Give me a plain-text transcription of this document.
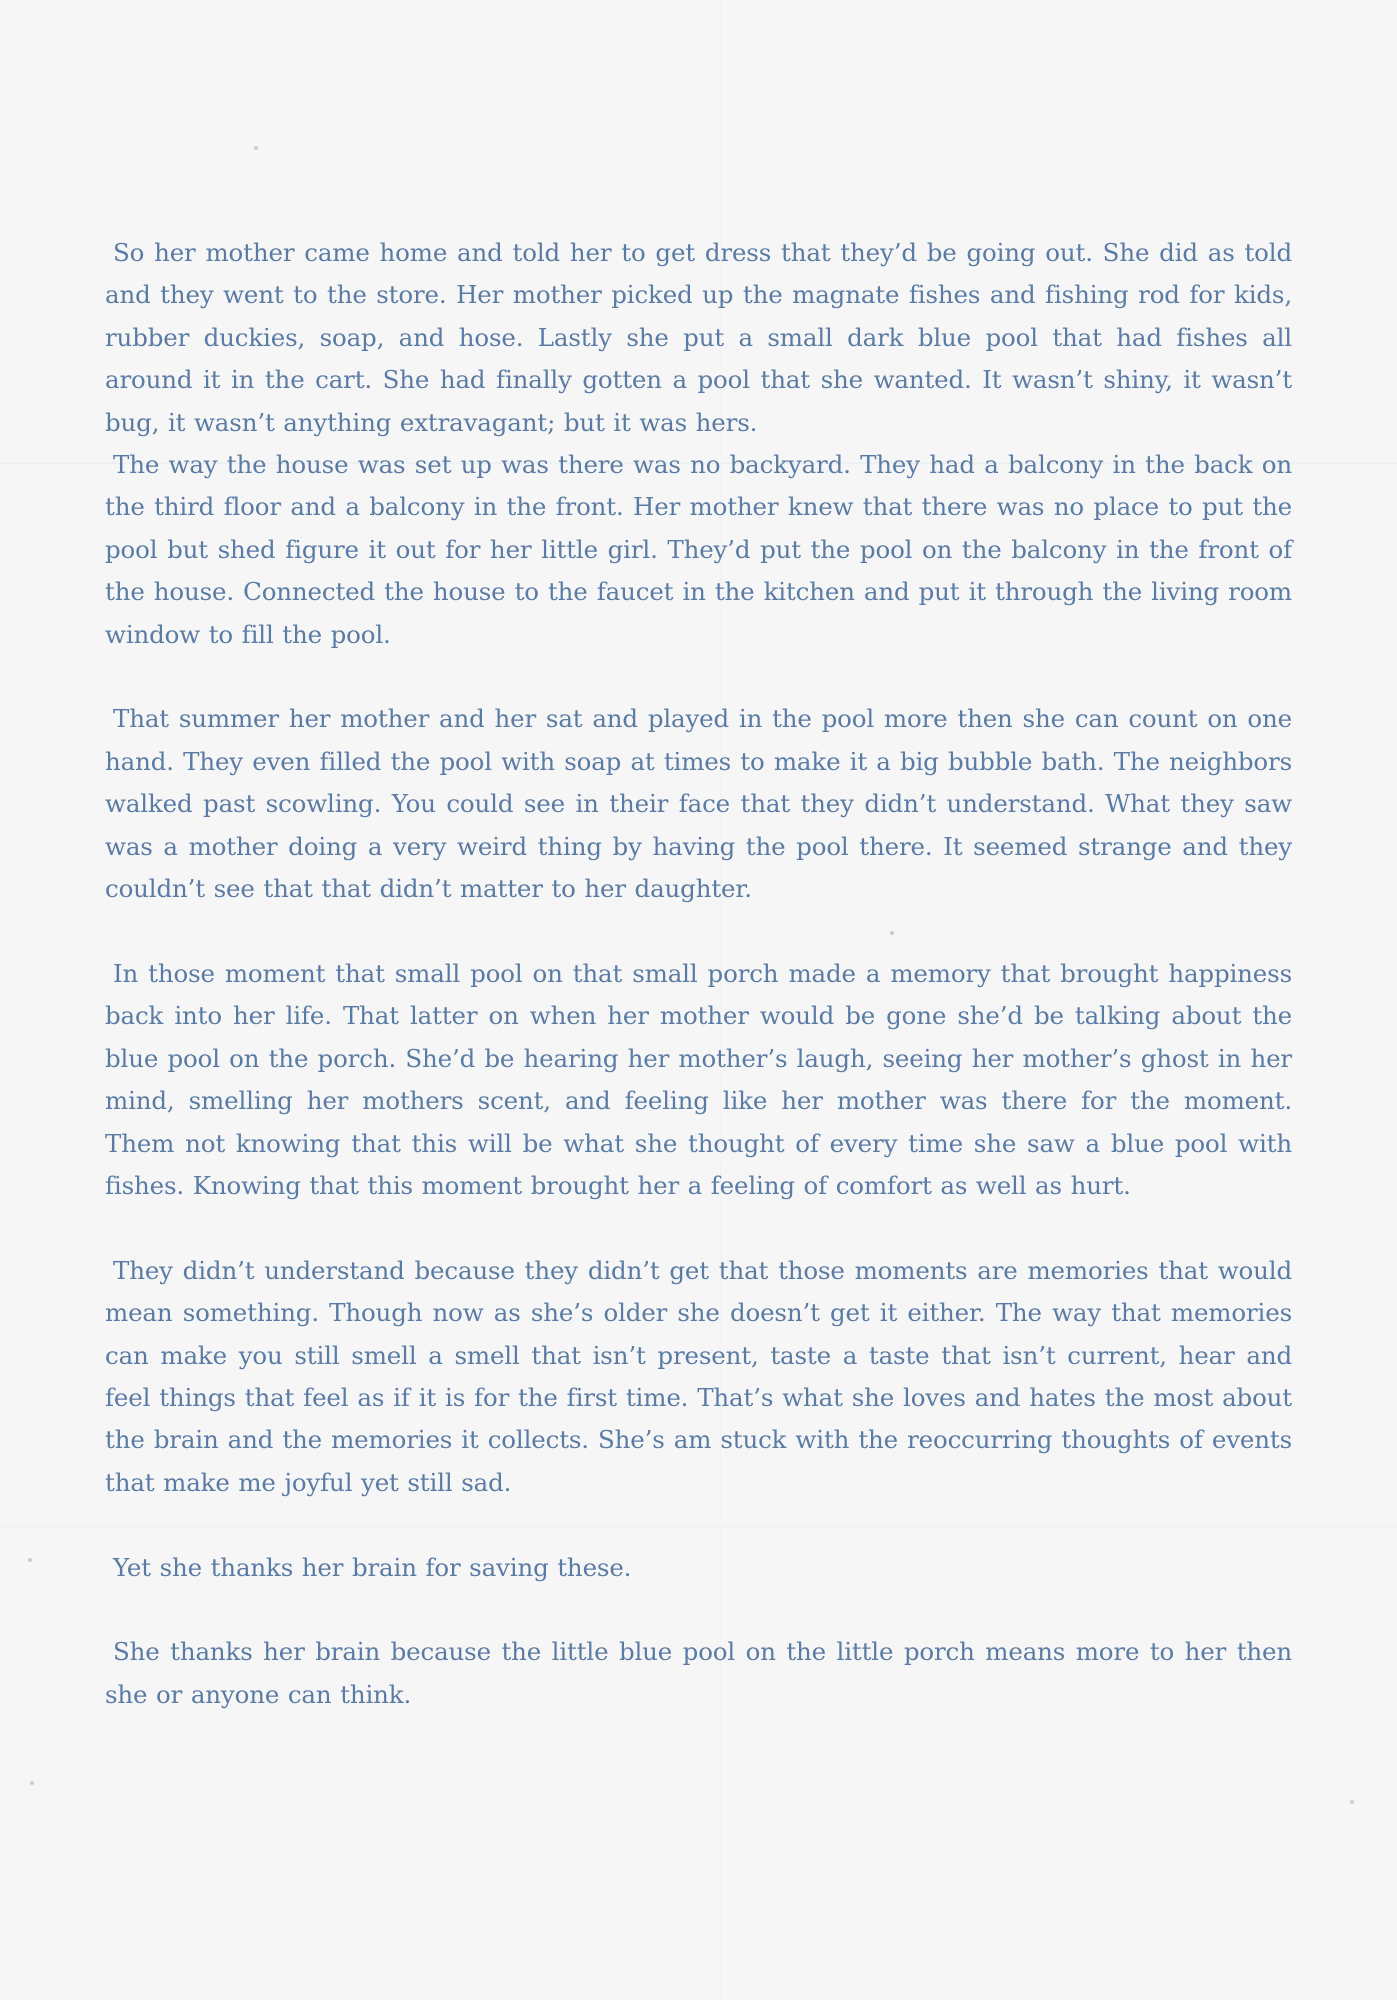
So her mother came home and told her to get dress that they’d be going out. She did as told and they went to the store. Her mother picked up the magnate fishes and fishing rod for kids, rubber duckies, soap, and hose. Lastly she put a small dark blue pool that had fishes all around it in the cart. She had finally gotten a pool that she wanted. It wasn’t shiny, it wasn’t bug, it wasn’t anything extravagant; but it was hers.

The way the house was set up was there was no backyard. They had a balcony in the back on the third floor and a balcony in the front. Her mother knew that there was no place to put the pool but shed figure it out for her little girl. They’d put the pool on the balcony in the front of the house. Connected the house to the faucet in the kitchen and put it through the living room window to fill the pool.

That summer her mother and her sat and played in the pool more then she can count on one hand. They even filled the pool with soap at times to make it a big bubble bath. The neighbors walked past scowling. You could see in their face that they didn’t understand. What they saw was a mother doing a very weird thing by having the pool there. It seemed strange and they couldn’t see that that didn’t matter to her daughter.

In those moment that small pool on that small porch made a memory that brought happiness back into her life. That latter on when her mother would be gone she’d be talking about the blue pool on the porch. She’d be hearing her mother’s laugh, seeing her mother’s ghost in her mind, smelling her mothers scent, and feeling like her mother was there for the moment. Them not knowing that this will be what she thought of every time she saw a blue pool with fishes. Knowing that this moment brought her a feeling of comfort as well as hurt.

They didn’t understand because they didn’t get that those moments are memories that would mean something. Though now as she’s older she doesn’t get it either. The way that memories can make you still smell a smell that isn’t present, taste a taste that isn’t current, hear and feel things that feel as if it is for the first time. That’s what she loves and hates the most about the brain and the memories it collects. She’s am stuck with the reoccurring thoughts of events that make me joyful yet still sad.

Yet she thanks her brain for saving these.

She thanks her brain because the little blue pool on the little porch means more to her then she or anyone can think.
